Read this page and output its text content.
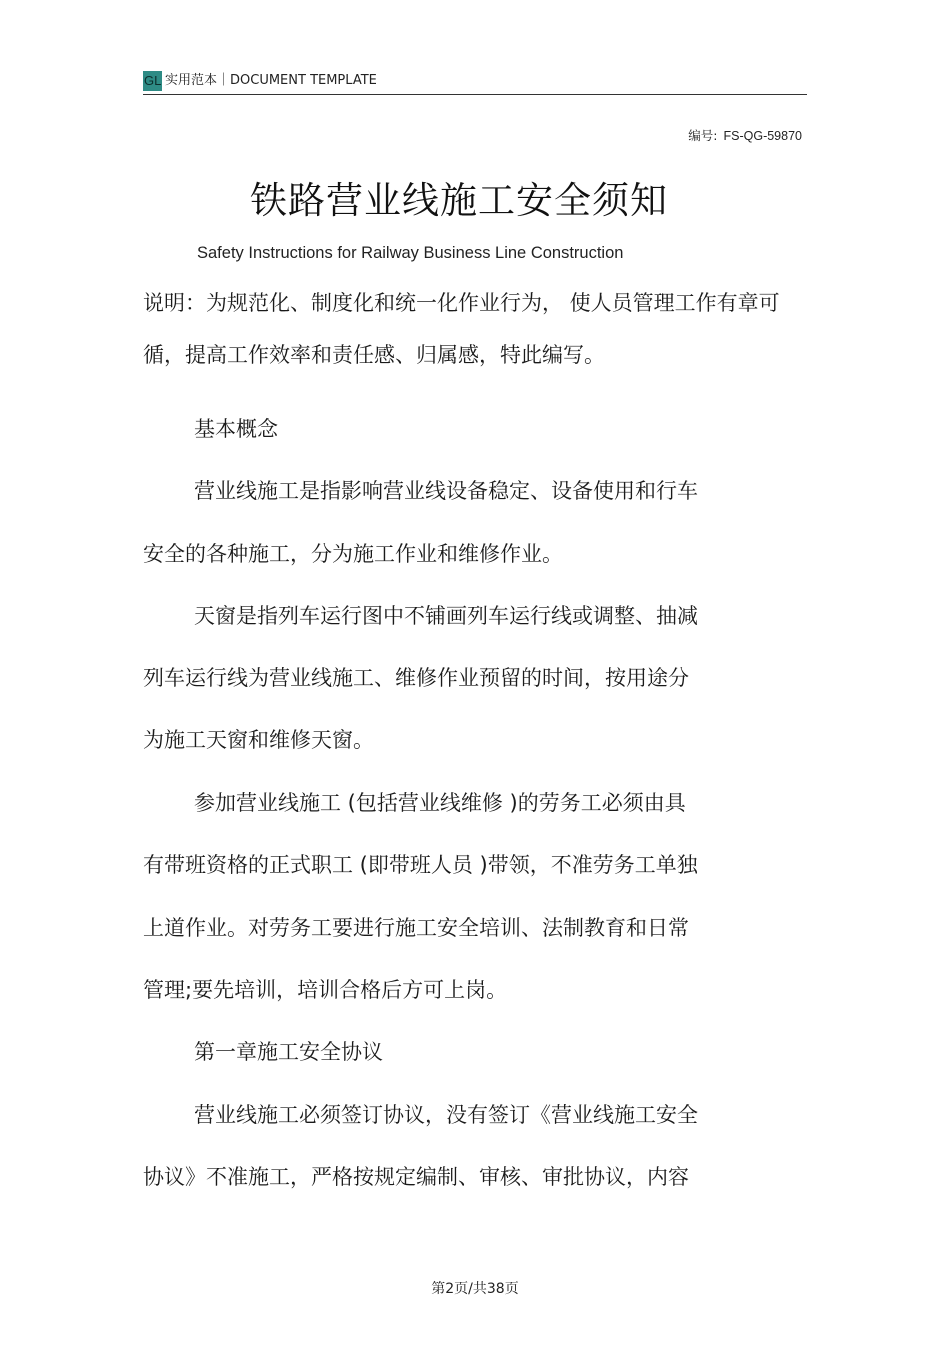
GL 实用范本｜DOCUMENT TEMPLATE
编号: FS-QG-59870
铁路营业线施工安全须知
Safety Instructions for Railway Business Line Construction
说明：为规范化、制度化和统一化作业行为， 使人员管理工作有章可
循，提高工作效率和责任感、归属感，特此编写。
基本概念
营业线施工是指影响营业线设备稳定、设备使用和行车
安全的各种施工，分为施工作业和维修作业。
天窗是指列车运行图中不铺画列车运行线或调整、抽减
列车运行线为营业线施工、维修作业预留的时间，按用途分
为施工天窗和维修天窗。
参加营业线施工 (包括营业线维修 )的劳务工必须由具
有带班资格的正式职工 (即带班人员 )带领，不准劳务工单独
上道作业。对劳务工要进行施工安全培训、法制教育和日常
管理;要先培训，培训合格后方可上岗。
第一章施工安全协议
营业线施工必须签订协议，没有签订《营业线施工安全
协议》不准施工，严格按规定编制、审核、审批协议，内容
第2页/共38页
